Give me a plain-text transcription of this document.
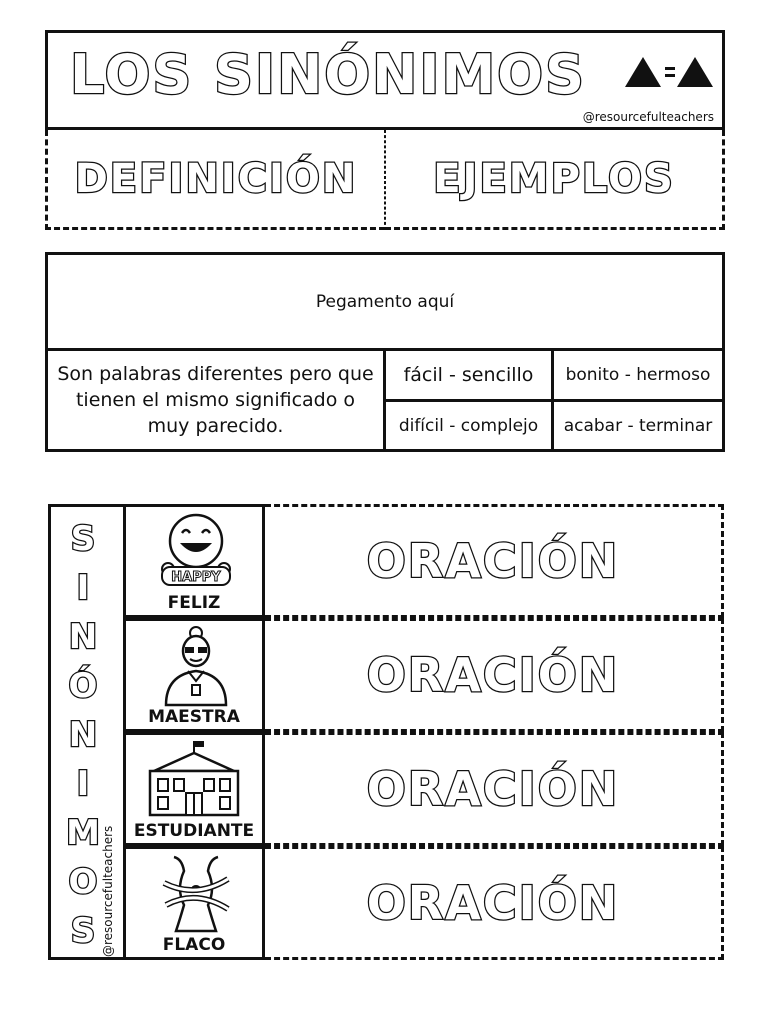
LOS SINÓNIMOS
@resourcefulteachers
DEFINICIÓN EJEMPLOS
Pegamento aquí
Son palabras diferentes pero que tienen el mismo significado o muy parecido.
fácil - sencillo	bonito - hermoso
difícil - complejo	acabar - terminar
S
I
N
Ó
N
I
M
O
S @resourcefulteachers
HAPPY
FELIZ
ORACIÓN
MAESTRA
ORACIÓN
ESTUDIANTE
ORACIÓN
FLACO
ORACIÓN
